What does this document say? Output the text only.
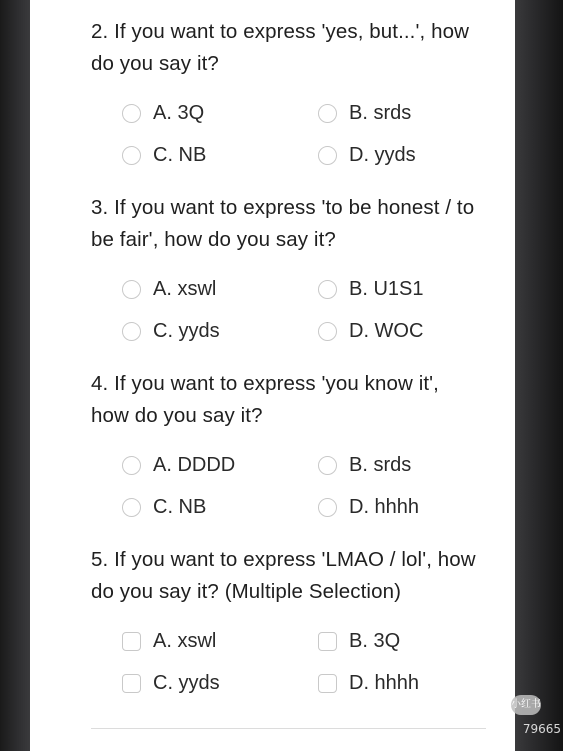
2. If you want to express 'yes, but...', how do you say it?

A. 3Q	B. srds
C. NB	D. yyds

3. If you want to express 'to be honest / to be fair', how do you say it?

A. xswl	B. U1S1
C. yyds	D. WOC

4. If you want to express 'you know it', how do you say it?

A. DDDD	B. srds
C. NB	D. hhhh

5. If you want to express 'LMAO / lol', how do you say it? (Multiple Selection)

A. xswl	B. 3Q
C. yyds	D. hhhh
小红书
79665
